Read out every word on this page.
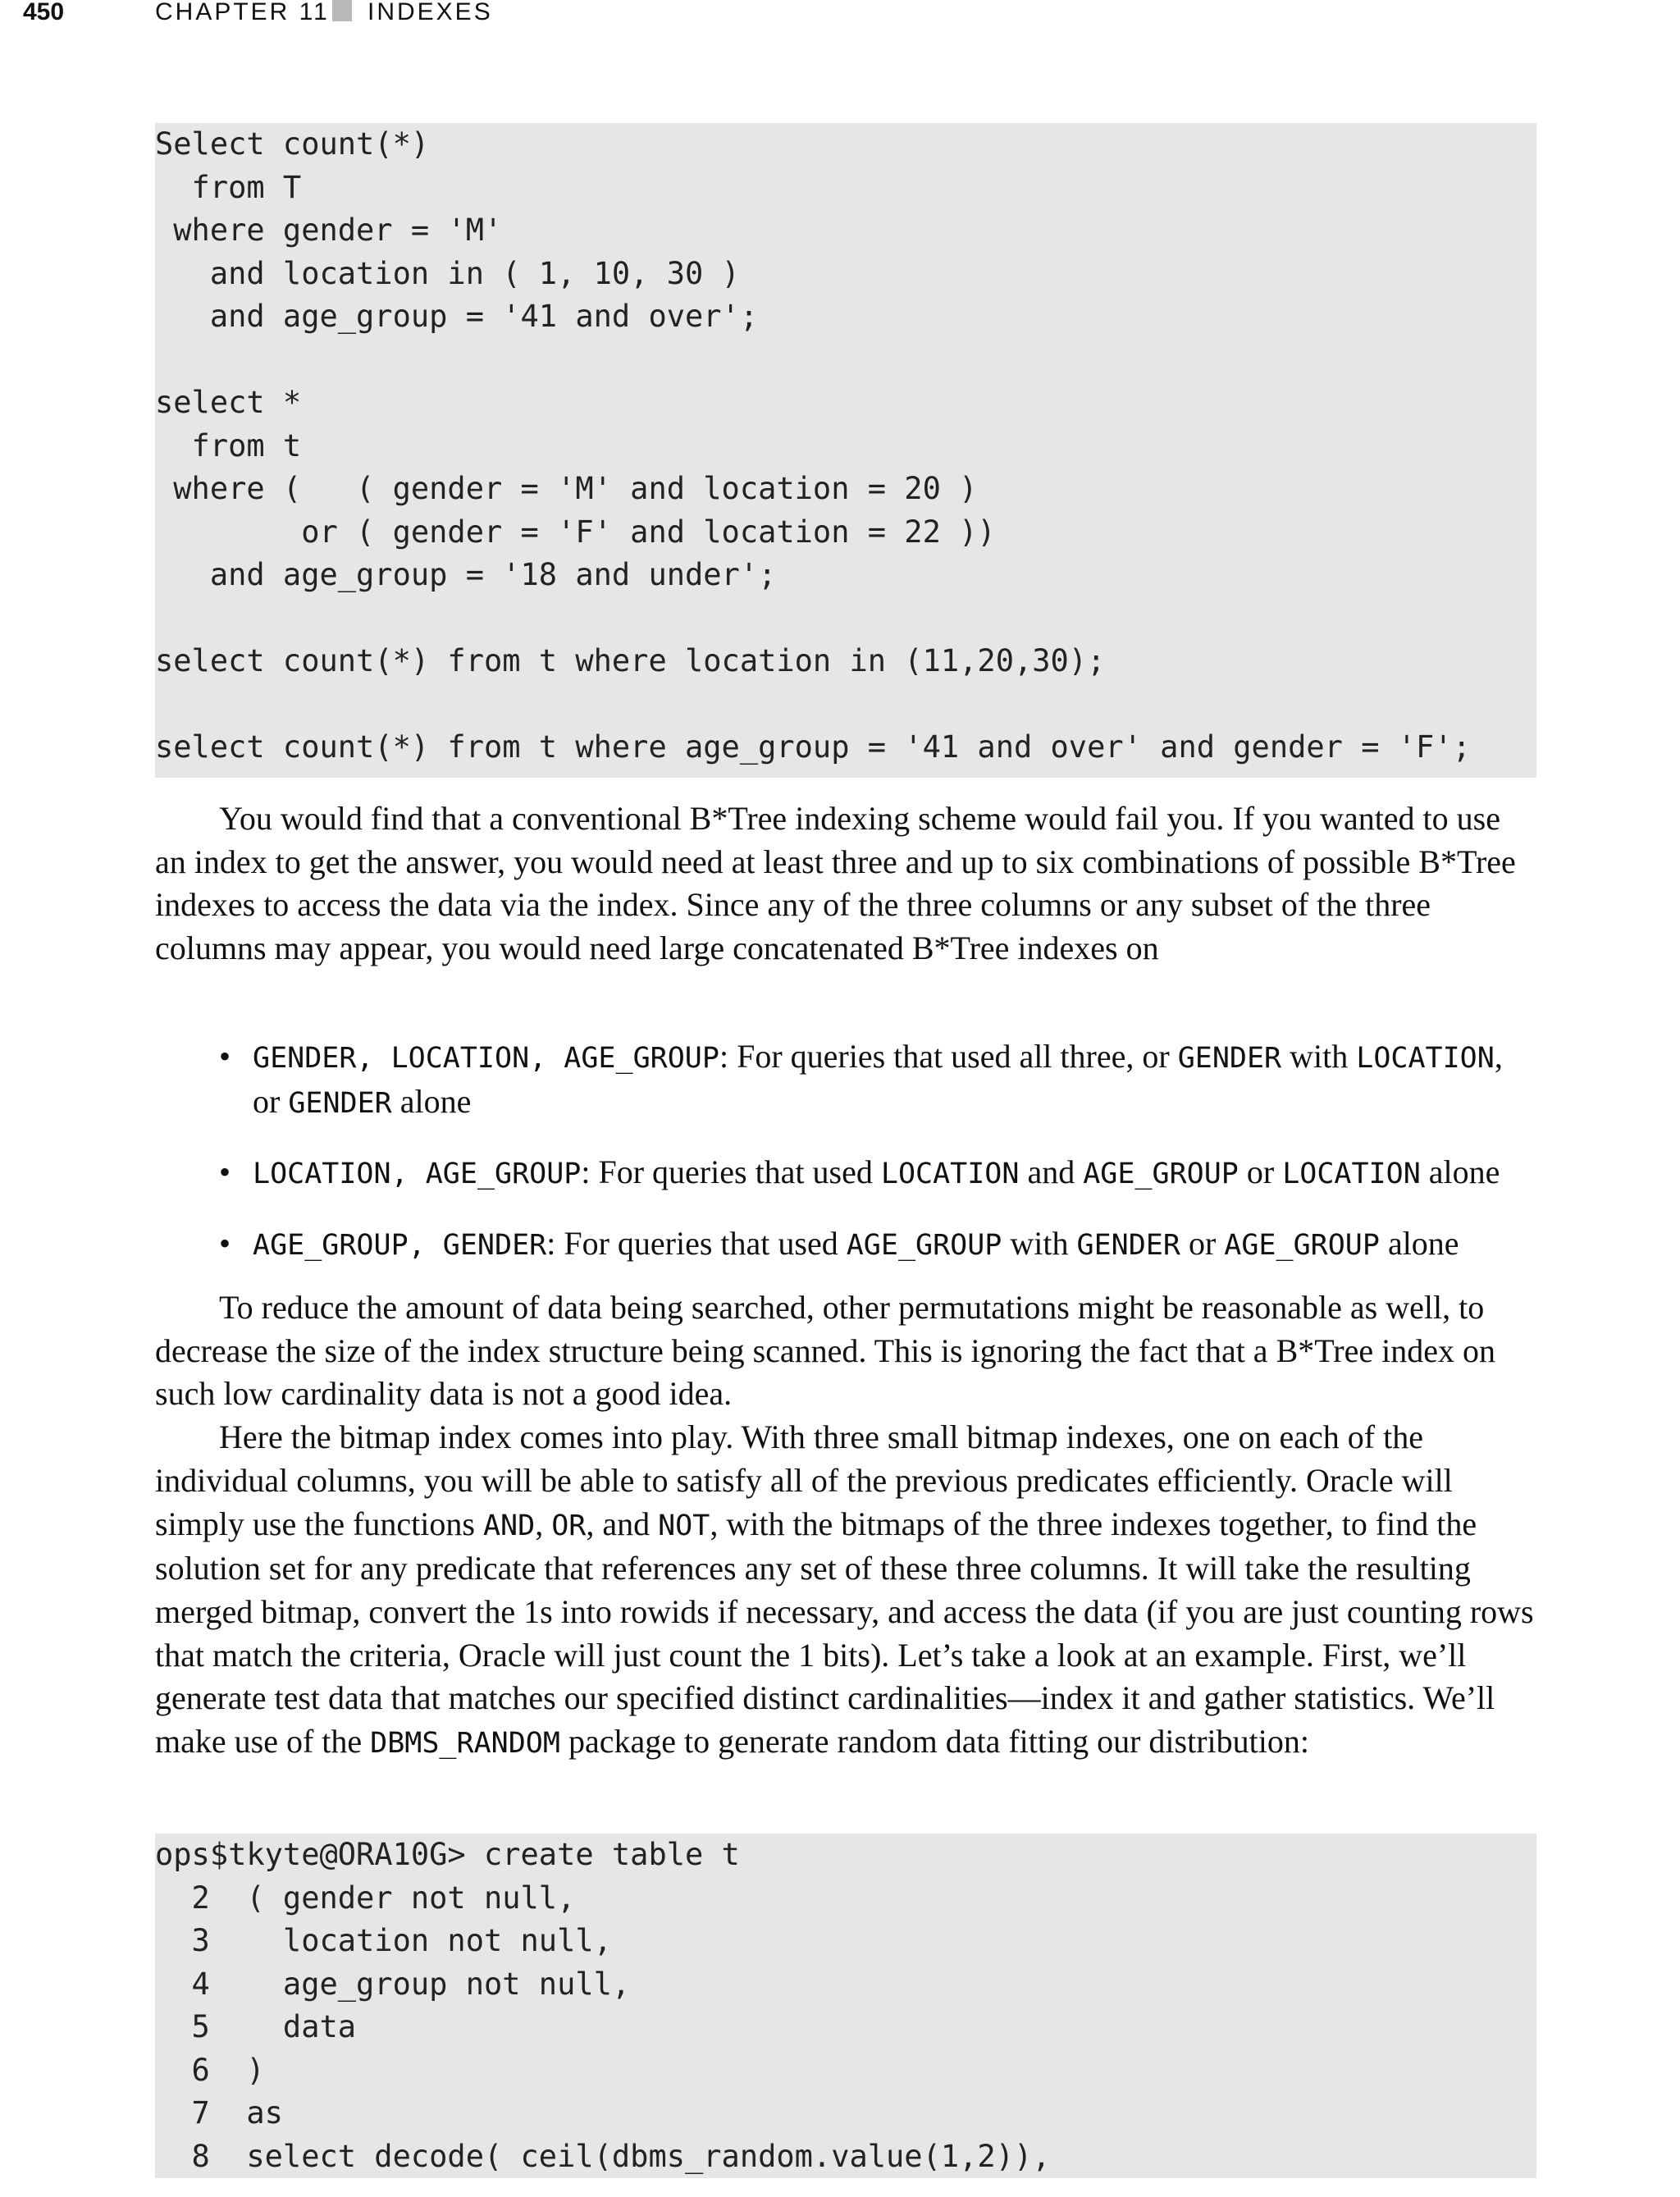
450	CHAPTER 11 INDEXES
Select count(*)
from T
where gender = 'M'
and location in ( 1, 10, 30 )
and age_group = '41 and over';
select *
from t
where (   ( gender = 'M' and location = 20 )
or ( gender = 'F' and location = 22 ))
and age_group = '18 and under';
select count(*) from t where location in (11,20,30);
select count(*) from t where age_group = '41 and over' and gender = 'F';

You would find that a conventional B*Tree indexing scheme would fail you. If you wanted to use an index to get the answer, you would need at least three and up to six combinations of possible B*Tree indexes to access the data via the index. Since any of the three columns or any subset of the three columns may appear, you would need large concatenated B*Tree indexes on

• GENDER, LOCATION, AGE_GROUP: For queries that used all three, or GENDER with LOCATION, or GENDER alone
• LOCATION, AGE_GROUP: For queries that used LOCATION and AGE_GROUP or LOCATION alone
• AGE_GROUP, GENDER: For queries that used AGE_GROUP with GENDER or AGE_GROUP alone

To reduce the amount of data being searched, other permutations might be reasonable as well, to decrease the size of the index structure being scanned. This is ignoring the fact that a B*Tree index on such low cardinality data is not a good idea.

Here the bitmap index comes into play. With three small bitmap indexes, one on each of the individual columns, you will be able to satisfy all of the previous predicates efficiently. Oracle will simply use the functions AND, OR, and NOT, with the bitmaps of the three indexes together, to find the solution set for any predicate that references any set of these three columns. It will take the resulting merged bitmap, convert the 1s into rowids if necessary, and access the data (if you are just counting rows that match the criteria, Oracle will just count the 1 bits). Let’s take a look at an example. First, we’ll generate test data that matches our specified distinct cardinalities—index it and gather statistics. We’ll make use of the DBMS_RANDOM package to generate random data fitting our distribution:

ops$tkyte@ORA10G> create table t
2  ( gender not null,
3    location not null,
4    age_group not null,
5    data
6  )
7  as
8  select decode( ceil(dbms_random.value(1,2)),
